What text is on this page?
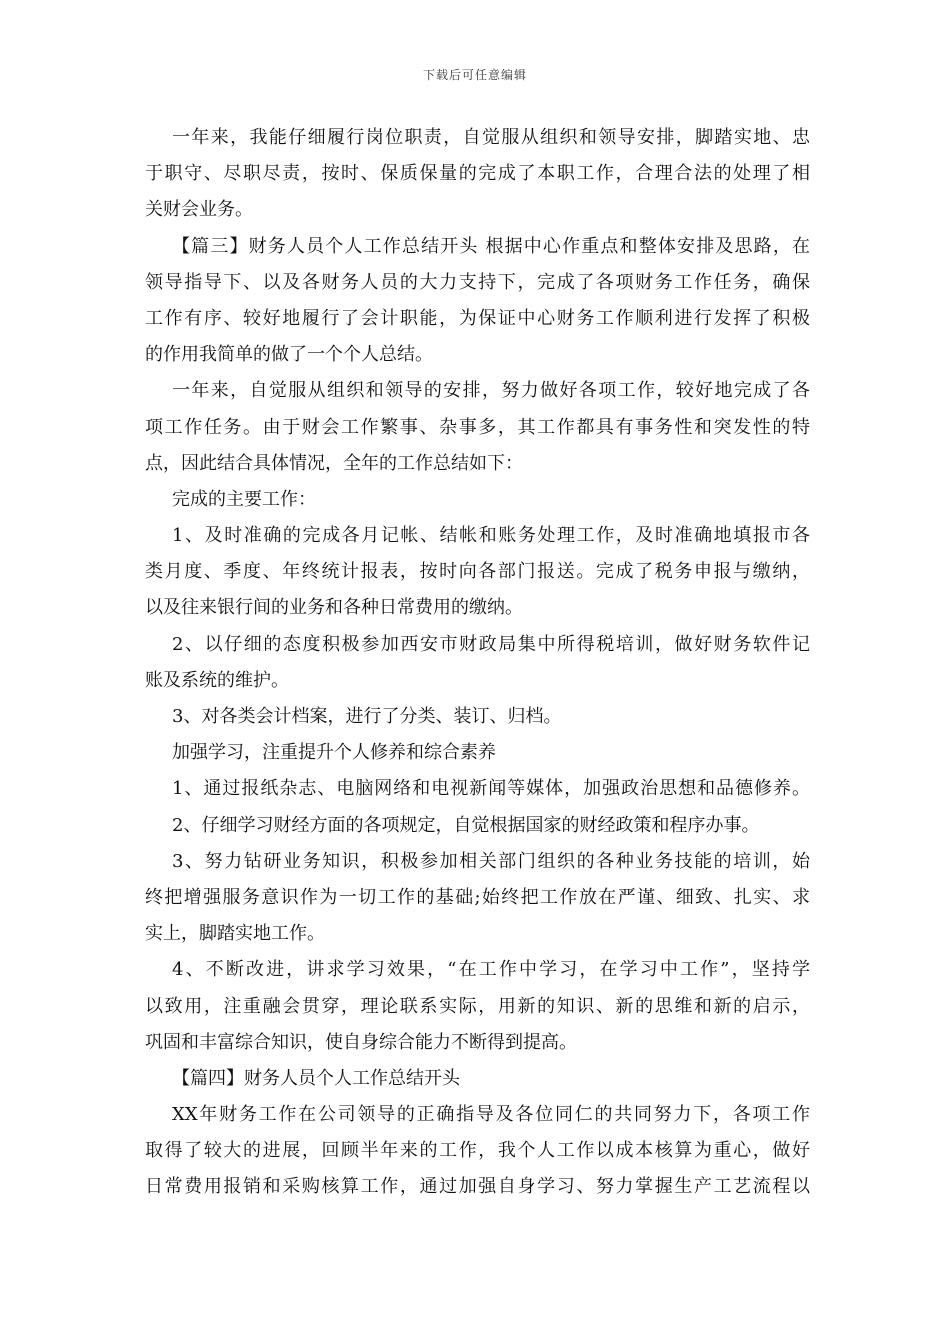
下载后可任意编辑
一年来，我能仔细履行岗位职责，自觉服从组织和领导安排，脚踏实地、忠
于职守、尽职尽责，按时、保质保量的完成了本职工作，合理合法的处理了相
关财会业务。
【篇三】财务人员个人工作总结开头 根据中心作重点和整体安排及思路，在
领导指导下、以及各财务人员的大力支持下，完成了各项财务工作任务，确保
工作有序、较好地履行了会计职能，为保证中心财务工作顺利进行发挥了积极
的作用我简单的做了一个个人总结。
一年来，自觉服从组织和领导的安排，努力做好各项工作，较好地完成了各
项工作任务。由于财会工作繁事、杂事多，其工作都具有事务性和突发性的特
点，因此结合具体情况，全年的工作总结如下：
完成的主要工作：
1、及时准确的完成各月记帐、结帐和账务处理工作，及时准确地填报市各
类月度、季度、年终统计报表，按时向各部门报送。完成了税务申报与缴纳，
以及往来银行间的业务和各种日常费用的缴纳。
2、以仔细的态度积极参加西安市财政局集中所得税培训，做好财务软件记
账及系统的维护。
3、对各类会计档案，进行了分类、装订、归档。
加强学习，注重提升个人修养和综合素养
1、通过报纸杂志、电脑网络和电视新闻等媒体，加强政治思想和品德修养。
2、仔细学习财经方面的各项规定，自觉根据国家的财经政策和程序办事。
3、努力钻研业务知识，积极参加相关部门组织的各种业务技能的培训，始
终把增强服务意识作为一切工作的基础;始终把工作放在严谨、细致、扎实、求
实上，脚踏实地工作。
4、不断改进，讲求学习效果，“在工作中学习，在学习中工作”，坚持学
以致用，注重融会贯穿，理论联系实际，用新的知识、新的思维和新的启示，
巩固和丰富综合知识，使自身综合能力不断得到提高。
【篇四】财务人员个人工作总结开头
XX年财务工作在公司领导的正确指导及各位同仁的共同努力下，各项工作
取得了较大的进展，回顾半年来的工作，我个人工作以成本核算为重心，做好
日常费用报销和采购核算工作，通过加强自身学习、努力掌握生产工艺流程以
